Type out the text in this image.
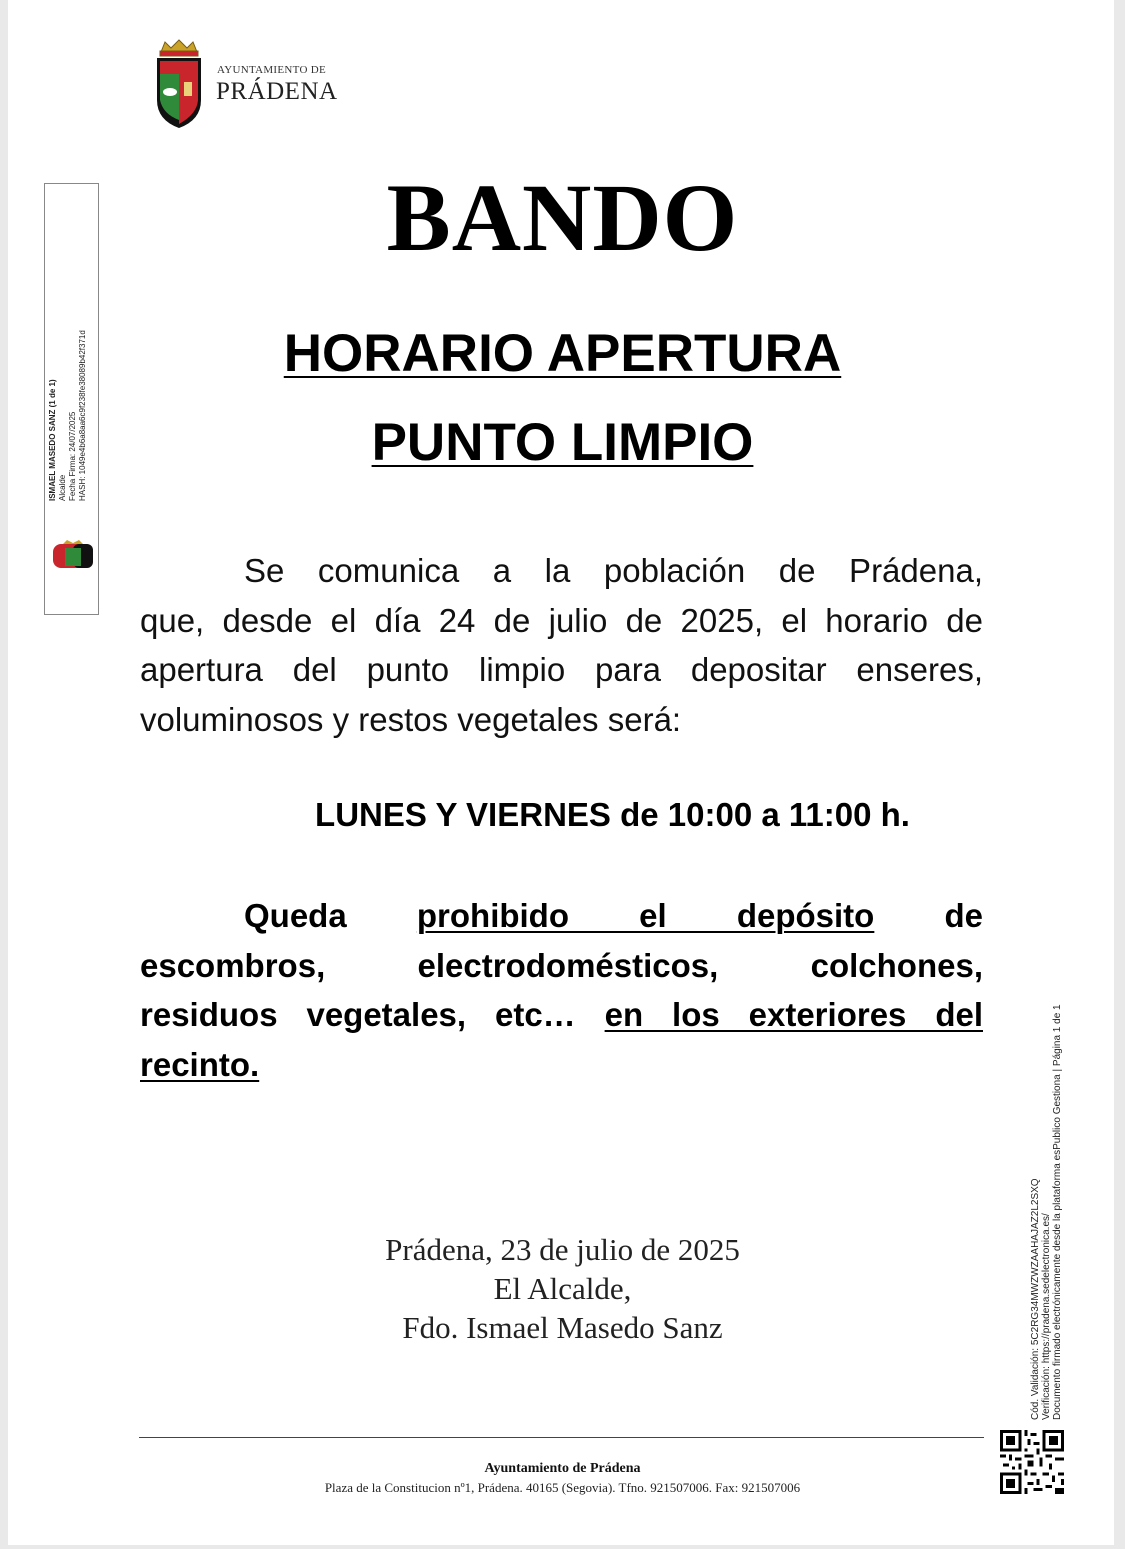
AYUNTAMIENTO DE
PRÁDENA
ISMAEL MASEDO SANZ (1 de 1)
Alcalde
Fecha Firma: 24/07/2025
HASH: 1049e4b6a8aa6c9f238fe38089b42f371d
BANDO
HORARIO APERTURA
PUNTO LIMPIO
Se comunica a la población de Prádena,
que, desde el día 24 de julio de 2025, el horario de
apertura del punto limpio para depositar enseres,
voluminosos y restos vegetales será:
LUNES Y VIERNES de 10:00 a 11:00 h.
Queda prohibido el depósito de
escombros, electrodomésticos, colchones,
residuos vegetales, etc… en los exteriores del
recinto.
Prádena, 23 de julio de 2025
El Alcalde,
Fdo. Ismael Masedo Sanz
Ayuntamiento de Prádena
Plaza de la Constitucion nº1, Prádena. 40165 (Segovia). Tfno. 921507006. Fax: 921507006
Cód. Validación: 5C2RG34MWZWZAAHAJAZ2L2SXQ
Verificación: https://pradena.sedelectronica.es/
Documento firmado electrónicamente desde la plataforma esPublico Gestiona | Página 1 de 1
